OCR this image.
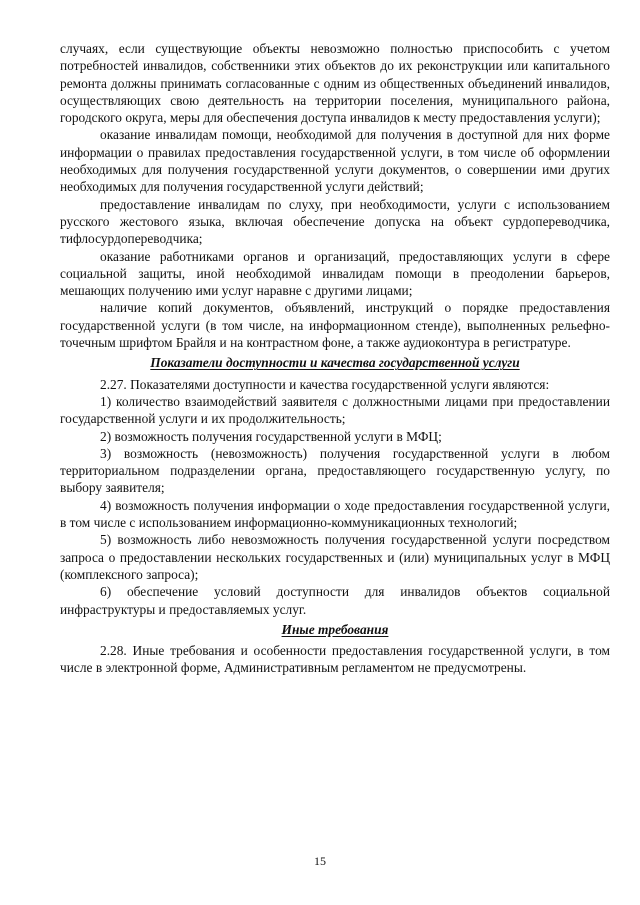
случаях, если существующие объекты невозможно полностью приспособить с учетом потребностей инвалидов, собственники этих объектов до их реконструкции или капитального ремонта должны принимать согласованные с одним из общественных объединений инвалидов, осуществляющих свою деятельность на территории поселения, муниципального района, городского округа, меры для обеспечения доступа инвалидов к месту предоставления услуги);

оказание инвалидам помощи, необходимой для получения в доступной для них форме информации о правилах предоставления государственной услуги, в том числе об оформлении необходимых для получения государственной услуги документов, о совершении ими других необходимых для получения государственной услуги действий;

предоставление инвалидам по слуху, при необходимости, услуги с использованием русского жестового языка, включая обеспечение допуска на объект сурдопереводчика, тифлосурдопереводчика;

оказание работниками органов и организаций, предоставляющих услуги в сфере социальной защиты, иной необходимой инвалидам помощи в преодолении барьеров, мешающих получению ими услуг наравне с другими лицами;

наличие копий документов, объявлений, инструкций о порядке предоставления государственной услуги (в том числе, на информационном стенде), выполненных рельефно-точечным шрифтом Брайля и на контрастном фоне, а также аудиоконтура в регистратуре.

Показатели доступности и качества государственной услуги

2.27. Показателями доступности и качества государственной услуги являются:

1) количество взаимодействий заявителя с должностными лицами при предоставлении государственной услуги и их продолжительность;

2) возможность получения государственной услуги в МФЦ;

3) возможность (невозможность) получения государственной услуги в любом территориальном подразделении органа, предоставляющего государственную услугу, по выбору заявителя;

4) возможность получения информации о ходе предоставления государственной услуги, в том числе с использованием информационно-коммуникационных технологий;

5) возможность либо невозможность получения государственной услуги посредством запроса о предоставлении нескольких государственных и (или) муниципальных услуг в МФЦ (комплексного запроса);

6) обеспечение условий доступности для инвалидов объектов социальной инфраструктуры и предоставляемых услуг.

Иные требования

2.28. Иные требования и особенности предоставления государственной услуги, в том числе в электронной форме, Административным регламентом не предусмотрены.

15
